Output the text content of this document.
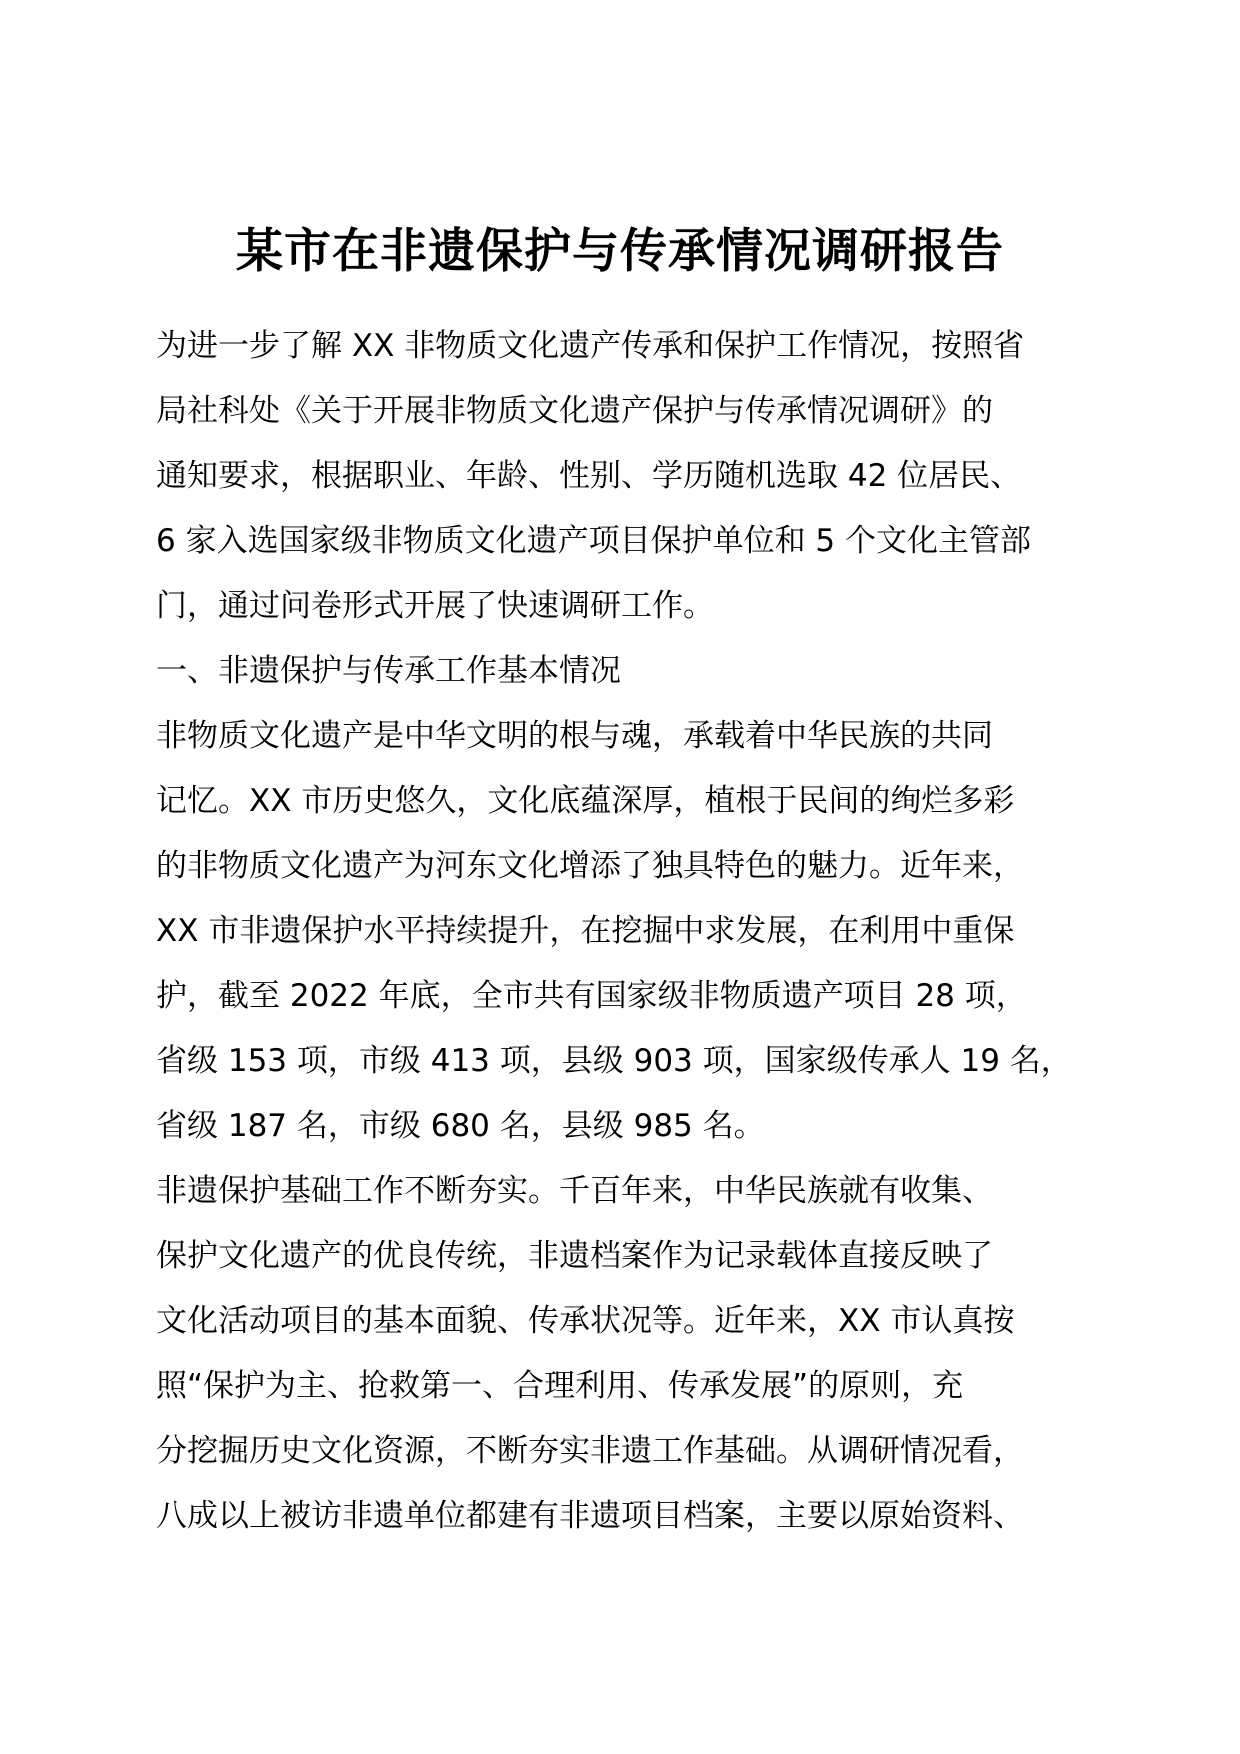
某市在非遗保护与传承情况调研报告

为进一步了解 XX 非物质文化遗产传承和保护工作情况，按照省

局社科处《关于开展非物质文化遗产保护与传承情况调研》的

通知要求，根据职业、年龄、性别、学历随机选取 42 位居民、

6 家入选国家级非物质文化遗产项目保护单位和 5 个文化主管部

门，通过问卷形式开展了快速调研工作。

一、非遗保护与传承工作基本情况

非物质文化遗产是中华文明的根与魂，承载着中华民族的共同

记忆。XX 市历史悠久，文化底蕴深厚，植根于民间的绚烂多彩

的非物质文化遗产为河东文化增添了独具特色的魅力。近年来，

XX 市非遗保护水平持续提升，在挖掘中求发展，在利用中重保

护，截至 2022 年底，全市共有国家级非物质遗产项目 28 项，

省级 153 项，市级 413 项，县级 903 项，国家级传承人 19 名，

省级 187 名，市级 680 名，县级 985 名。

非遗保护基础工作不断夯实。千百年来，中华民族就有收集、

保护文化遗产的优良传统，非遗档案作为记录载体直接反映了

文化活动项目的基本面貌、传承状况等。近年来，XX 市认真按

照“保护为主、抢救第一、合理利用、传承发展”的原则，充

分挖掘历史文化资源，不断夯实非遗工作基础。从调研情况看，

八成以上被访非遗单位都建有非遗项目档案，主要以原始资料、
